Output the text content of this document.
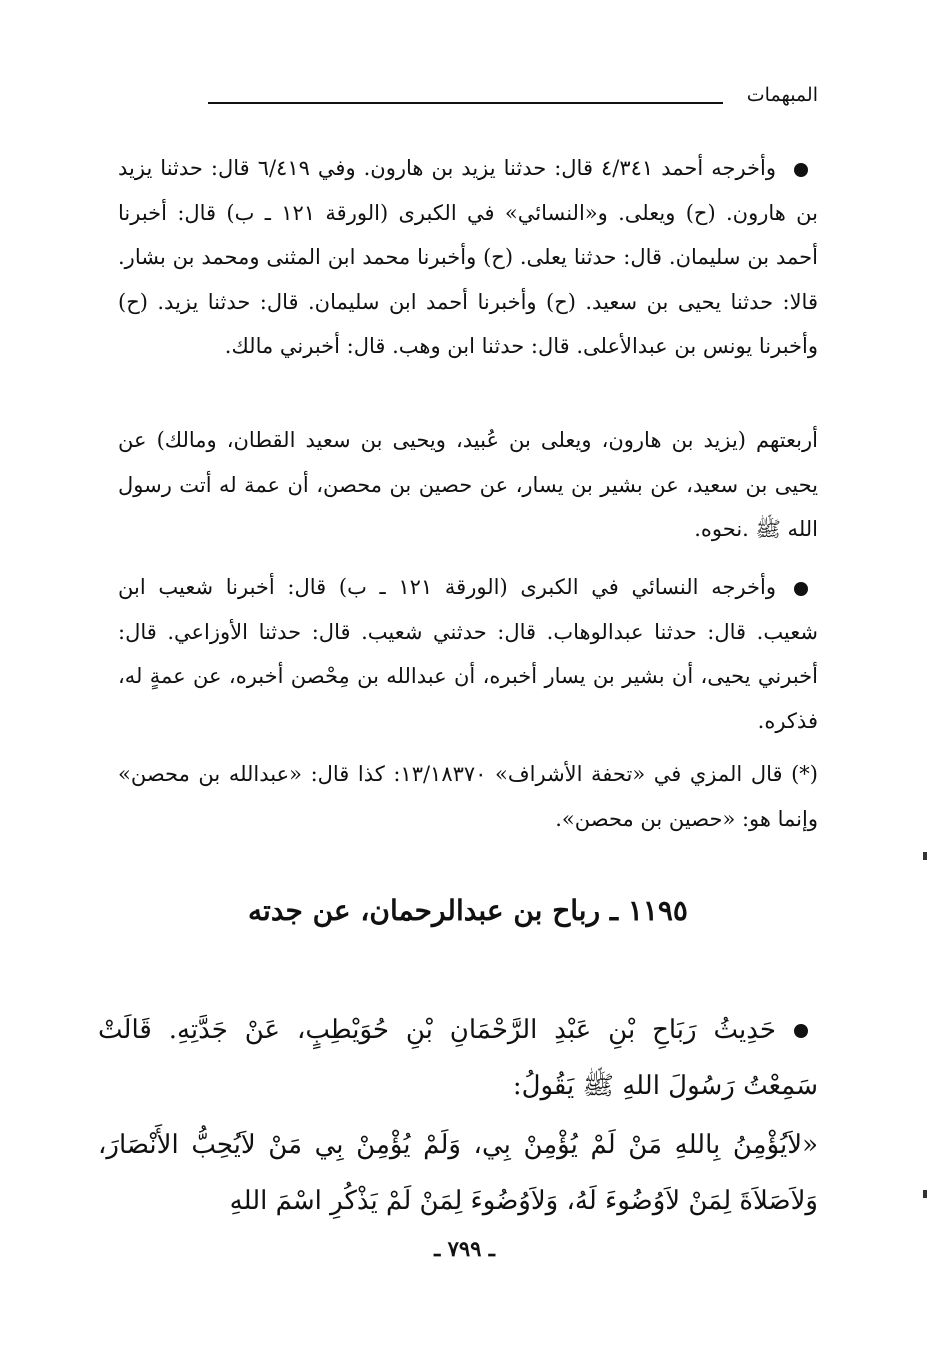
المبهمات
وأخرجه أحمد ٤/٣٤١ قال: حدثنا يزيد بن هارون. وفي ٦/٤١٩ قال: حدثنا يزيد بن هارون. (ح) ويعلى. و«النسائي» في الكبرى (الورقة ١٢١ ـ ب) قال: أخبرنا أحمد بن سليمان. قال: حدثنا يعلى. (ح) وأخبرنا محمد ابن المثنى ومحمد بن بشار. قالا: حدثنا يحيى بن سعيد. (ح) وأخبرنا أحمد ابن سليمان. قال: حدثنا يزيد. (ح) وأخبرنا يونس بن عبدالأعلى. قال: حدثنا ابن وهب. قال: أخبرني مالك.
أربعتهم (يزيد بن هارون، ويعلى بن عُبيد، ويحيى بن سعيد القطان، ومالك) عن يحيى بن سعيد، عن بشير بن يسار، عن حصين بن محصن، أن عمة له أتت رسول الله ﷺ .نحوه.
وأخرجه النسائي في الكبرى (الورقة ١٢١ ـ ب) قال: أخبرنا شعيب ابن شعيب. قال: حدثنا عبدالوهاب. قال: حدثني شعيب. قال: حدثنا الأوزاعي. قال: أخبرني يحيى، أن بشير بن يسار أخبره، أن عبدالله بن مِحْصن أخبره، عن عمةٍ له، فذكره.
(*) قال المزي في «تحفة الأشراف» ١٣/١٨٣٧٠: كذا قال: «عبدالله بن محصن» وإنما هو: «حصين بن محصن».
١١٩٥ ـ رباح بن عبدالرحمان، عن جدته
حَدِيثُ رَبَاحِ بْنِ عَبْدِ الرَّحْمَانِ بْنِ حُوَيْطِبٍ، عَنْ جَدَّتِهِ. قَالَتْ سَمِعْتُ رَسُولَ اللهِ ﷺ يَقُولُ:
«لاَيُؤْمِنُ بِاللهِ مَنْ لَمْ يُؤْمِنْ بِي، وَلَمْ يُؤْمِنْ بِي مَنْ لاَيُحِبُّ الأَنْصَارَ، وَلاَصَلاَةَ لِمَنْ لاَوُضُوءَ لَهُ، وَلاَوُضُوءَ لِمَنْ لَمْ يَذْكُرِ اسْمَ اللهِ
ـ ٧٩٩ ـ
